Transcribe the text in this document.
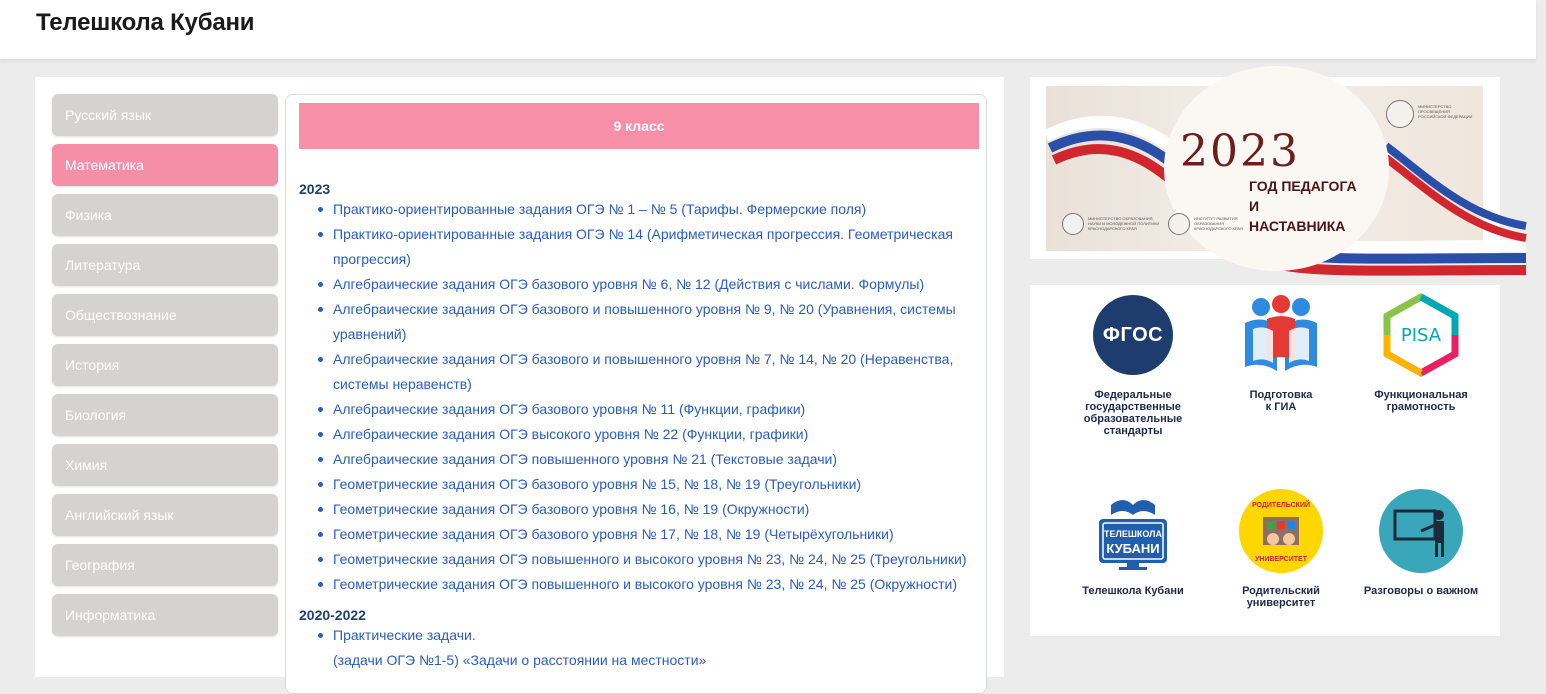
Телешкола Кубани
Русский язык
Математика
Физика
Литература
Обществознание
История
Биология
Химия
Английский язык
География
Информатика
9 класс
2023
Практико-ориентированные задания ОГЭ № 1 – № 5 (Тарифы. Фермерские поля)
Практико-ориентированные задания ОГЭ № 14 (Арифметическая прогрессия. Геометрическая
прогрессия)
Алгебраические задания ОГЭ базового уровня № 6, № 12 (Действия с числами. Формулы)
Алгебраические задания ОГЭ базового и повышенного уровня № 9, № 20 (Уравнения, системы
уравнений)
Алгебраические задания ОГЭ базового и повышенного уровня № 7, № 14, № 20 (Неравенства,
системы неравенств)
Алгебраические задания ОГЭ базового уровня № 11 (Функции, графики)
Алгебраические задания ОГЭ высокого уровня № 22 (Функции, графики)
Алгебраические задания ОГЭ повышенного уровня № 21 (Текстовые задачи)
Геометрические задания ОГЭ базового уровня № 15, № 18, № 19 (Треугольники)
Геометрические задания ОГЭ базового уровня № 16, № 19 (Окружности)
Геометрические задания ОГЭ базового уровня № 17, № 18, № 19 (Четырёхугольники)
Геометрические задания ОГЭ повышенного и высокого уровня № 23, № 24, № 25 (Треугольники)
Геометрические задания ОГЭ повышенного и высокого уровня № 23, № 24, № 25 (Окружности)
2020-2022
Практические задачи.
(задачи ОГЭ №1-5) «Задачи о расстоянии на местности»
2023
ГОД ПЕДАГОГА
И НАСТАВНИКА
МИНИСТЕРСТВО ПРОСВЕЩЕНИЯ РОССИЙСКОЙ ФЕДЕРАЦИИ
МИНИСТЕРСТВО ОБРАЗОВАНИЯ, НАУКИ И МОЛОДЕЖНОЙ ПОЛИТИКИ КРАСНОДАРСКОГО КРАЯ
ИНСТИТУТ РАЗВИТИЯ ОБРАЗОВАНИЯ КРАСНОДАРСКОГО КРАЯ
ФГОС
Федеральные государственные образовательные стандарты
Подготовка к ГИА
PISA
Функциональная грамотность
ТЕЛЕШКОЛА
КУБАНИ
Телешкола Кубани
РОДИТЕЛЬСКИЙ
УНИВЕРСИТЕТ
Родительский университет
Разговоры о важном
